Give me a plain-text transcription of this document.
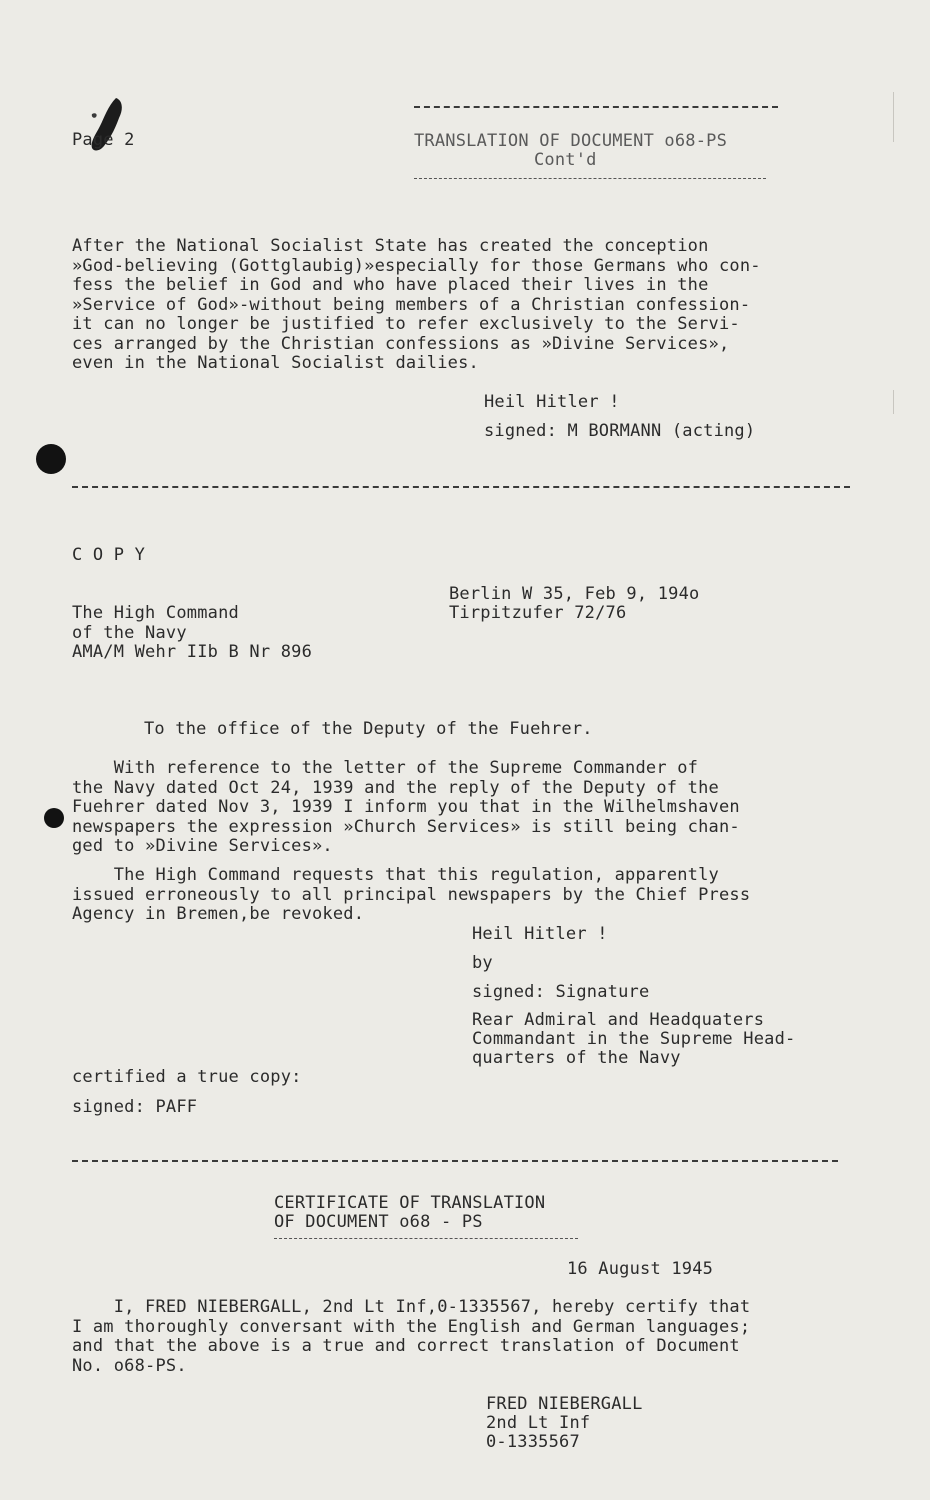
Page 2	TRANSLATION OF DOCUMENT o68-PS

Cont'd

After the National Socialist State has created the conception

»God-believing (Gottglaubig)»especially for those Germans who con-

fess the belief in God and who have placed their lives in the

»Service of God»-without being members of a Christian confession-

it can no longer be justified to refer exclusively to the Servi-

ces arranged by the Christian confessions as »Divine Services»,

even in the National Socialist dailies.

Heil Hitler !

signed: M BORMANN (acting)

C O P Y

The High Command

of the Navy

AMA/M Wehr IIb B Nr 896

Berlin W 35, Feb 9, 194o

Tirpitzufer 72/76

To the office of the Deputy of the Fuehrer.

With reference to the letter of the Supreme Commander of

the Navy dated Oct 24, 1939 and the reply of the Deputy of the

Fuehrer dated Nov 3, 1939 I inform you that in the Wilhelmshaven

newspapers the expression »Church Services» is still being chan-

ged to »Divine Services».

The High Command requests that this regulation, apparently

issued erroneously to all principal newspapers by the Chief Press

Agency in Bremen,be revoked.

Heil Hitler !

by

signed: Signature

Rear Admiral and Headquaters

Commandant in the Supreme Head-

quarters of the Navy

certified a true copy:

signed: PAFF

CERTIFICATE OF TRANSLATION

OF DOCUMENT o68 - PS

16 August 1945

I, FRED NIEBERGALL, 2nd Lt Inf,0-1335567, hereby certify that

I am thoroughly conversant with the English and German languages;

and that the above is a true and correct translation of Document

No. o68-PS.

FRED NIEBERGALL

2nd Lt Inf

0-1335567
